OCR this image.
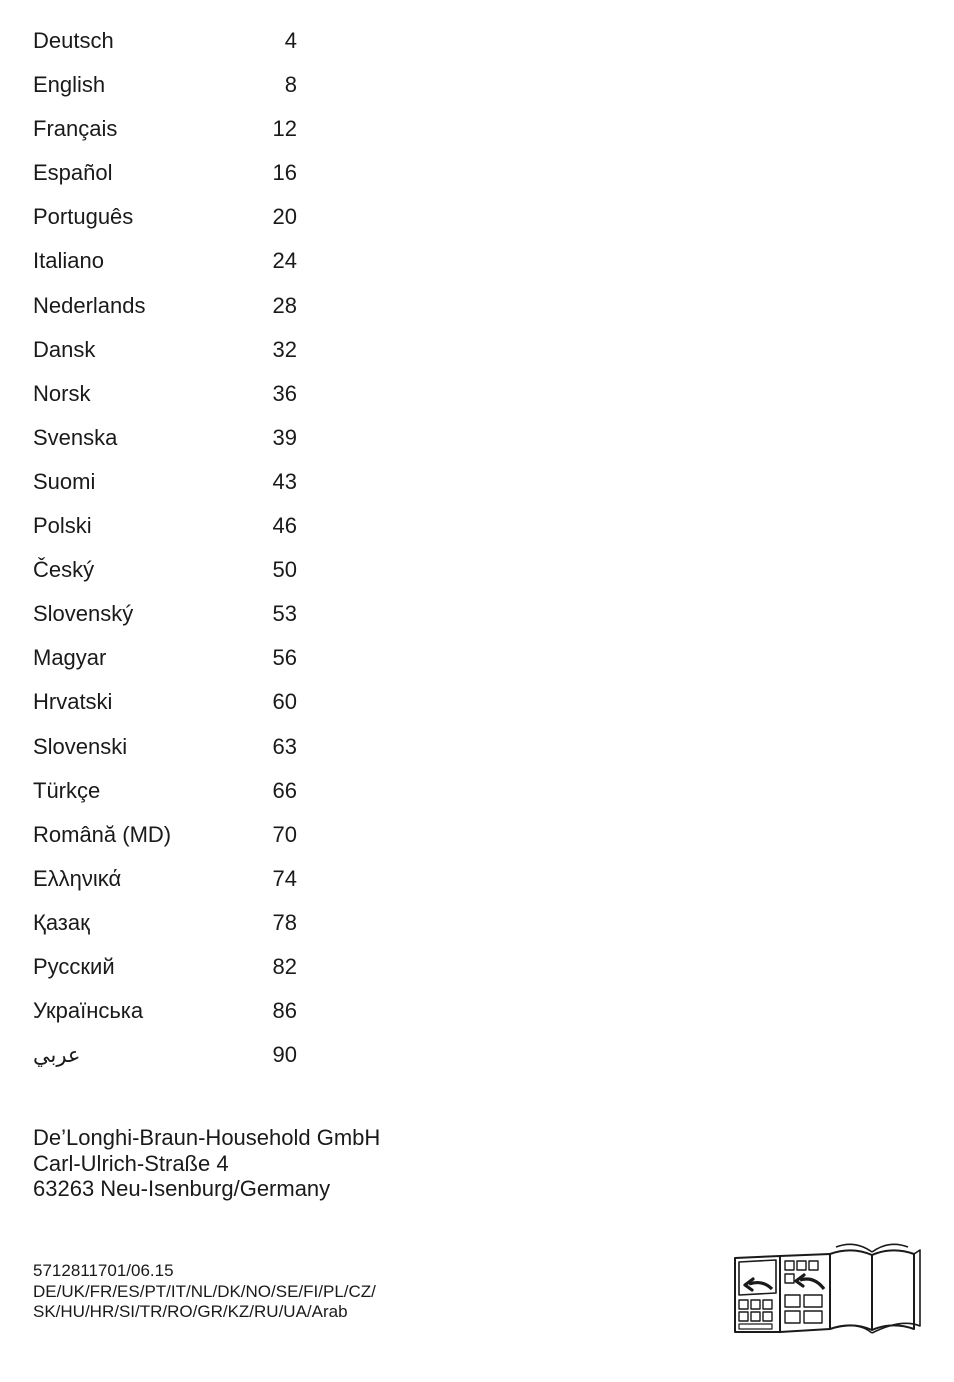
Deutsch	4
English	8
Français	12
Español	16
Português	20
Italiano	24
Nederlands	28
Dansk	32
Norsk	36
Svenska	39
Suomi	43
Polski	46
Český	50
Slovenský	53
Magyar	56
Hrvatski	60
Slovenski	63
Türkçe	66
Română (MD)	70
Ελληνικά	74
Қазақ	78
Русский	82
Українська	86
عربي	90
De’Longhi-Braun-Household GmbH
Carl-Ulrich-Straße 4
63263 Neu-Isenburg/Germany
5712811701/06.15
DE/UK/FR/ES/PT/IT/NL/DK/NO/SE/FI/PL/CZ/
SK/HU/HR/SI/TR/RO/GR/KZ/RU/UA/Arab
